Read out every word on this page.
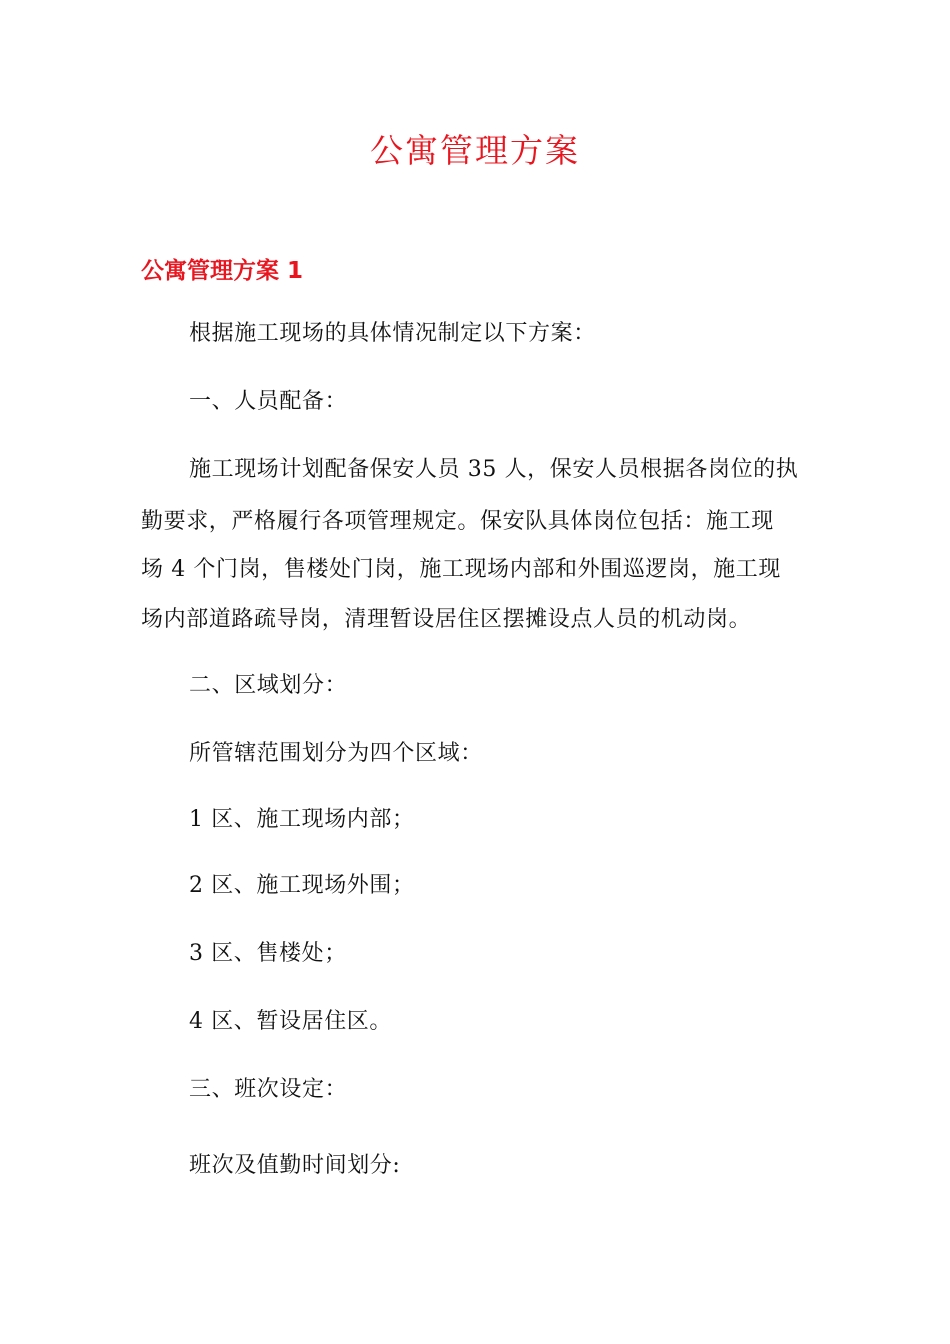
公寓管理方案
公寓管理方案 1
根据施工现场的具体情况制定以下方案：
一、人员配备：
施工现场计划配备保安人员 35 人，保安人员根据各岗位的执
勤要求，严格履行各项管理规定。保安队具体岗位包括：施工现
场 4 个门岗，售楼处门岗，施工现场内部和外围巡逻岗，施工现
场内部道路疏导岗，清理暂设居住区摆摊设点人员的机动岗。
二、区域划分：
所管辖范围划分为四个区域：
1 区、施工现场内部；
2 区、施工现场外围；
3 区、售楼处；
4 区、暂设居住区。
三、班次设定：
班次及值勤时间划分:
